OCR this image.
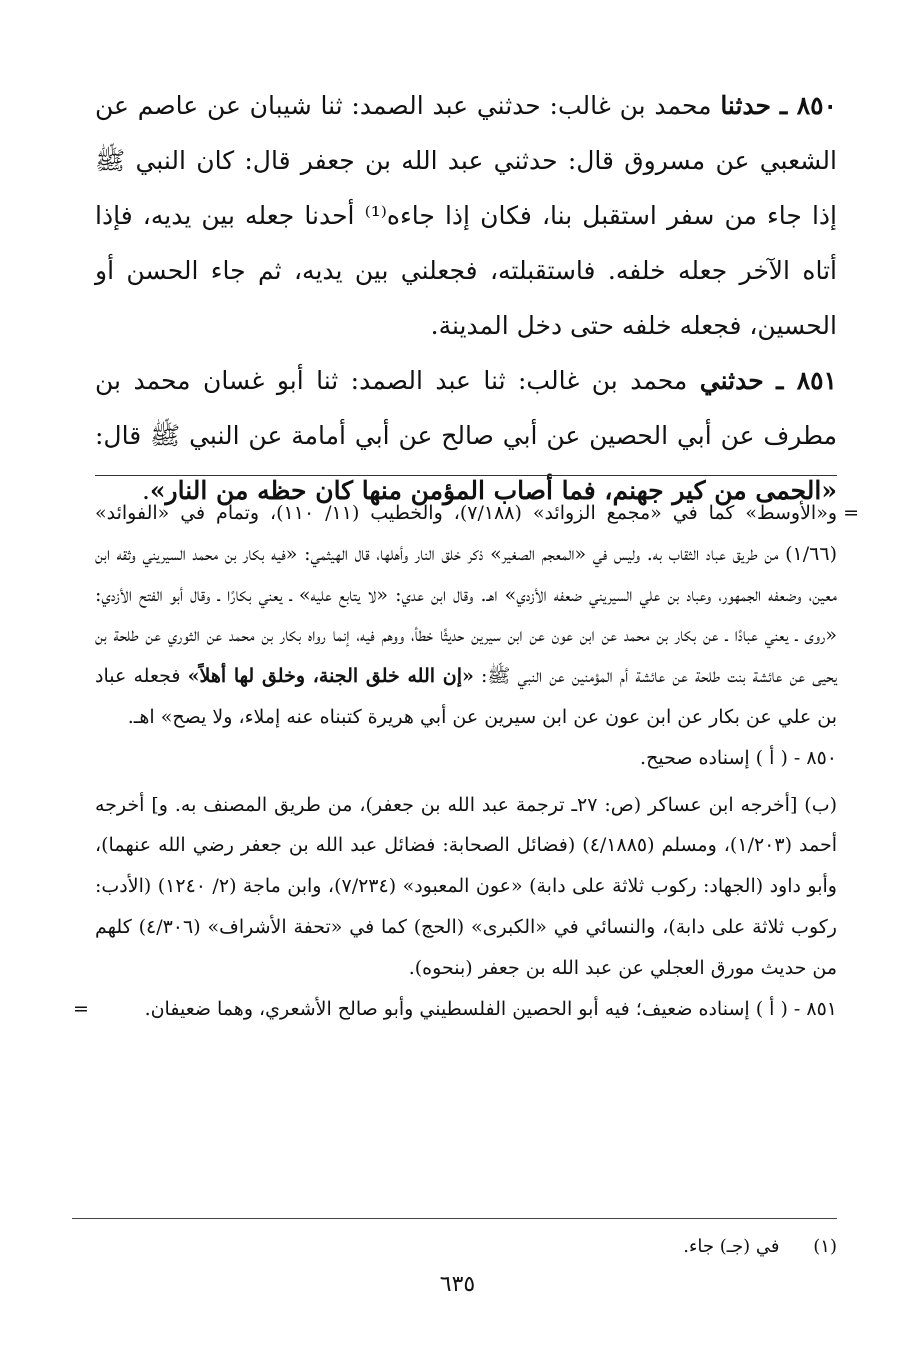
٨٥٠ ـ حدثنا محمد بن غالب: حدثني عبد الصمد: ثنا شيبان عن عاصم عن الشعبي عن مسروق قال: حدثني عبد الله بن جعفر قال: كان النبي ﷺ إذا جاء من سفر استقبل بنا، فكان إذا جاءه⁽¹⁾ أحدنا جعله بين يديه، فإذا أتاه الآخر جعله خلفه. فاستقبلته، فجعلني بين يديه، ثم جاء الحسن أو الحسين، فجعله خلفه حتى دخل المدينة.

٨٥١ ـ حدثني محمد بن غالب: ثنا عبد الصمد: ثنا أبو غسان محمد بن مطرف عن أبي الحصين عن أبي صالح عن أبي أمامة عن النبي ﷺ قال: «الحمى من كير جهنم، فما أصاب المؤمن منها كان حظه من النار».

=
و«الأوسط» كما في «مجمع الزوائد» (٧/١٨٨)، والخطيب (١١/ ١١٠)، وتمام في «الفوائد» (١/٦٦) من طريق عباد الثقاب به. وليس في «المعجم الصغير» ذكر خلق النار وأهلها، قال الهيثمي: «فيه بكار بن محمد السيريني وثقه ابن معين، وضعفه الجمهور، وعباد بن علي السيريني ضعفه الأزدي» اهـ. وقال ابن عدي: «لا يتابع عليه» ـ يعني بكارًا ـ وقال أبو الفتح الأزدي: «روى ـ يعني عبادًا ـ عن بكار بن محمد عن ابن عون عن ابن سيرين حديثًا خطأ، ووهم فيه، إنما رواه بكار بن محمد عن الثوري عن طلحة بن يحيى عن عائشة بنت طلحة عن عائشة أم المؤمنين عن النبي ﷺ: «إن الله خلق الجنة، وخلق لها أهلاً» فجعله عباد بن علي عن بكار عن ابن عون عن ابن سيرين عن أبي هريرة كتبناه عنه إملاء، ولا يصح» اهـ.

٨٥٠ - ( أ ) إسناده صحيح.

(ب) [أخرجه ابن عساكر (ص: ٢٧ـ ترجمة عبد الله بن جعفر)، من طريق المصنف به. و] أخرجه أحمد (١/٢٠٣)، ومسلم (٤/١٨٨٥) (فضائل الصحابة: فضائل عبد الله بن جعفر رضي الله عنهما)، وأبو داود (الجهاد: ركوب ثلاثة على دابة) «عون المعبود» (٧/٢٣٤)، وابن ماجة (٢/ ١٢٤٠) (الأدب: ركوب ثلاثة على دابة)، والنسائي في «الكبرى» (الحج) كما في «تحفة الأشراف» (٤/٣٠٦) كلهم من حديث مورق العجلي عن عبد الله بن جعفر (بنحوه).

٨٥١ - ( أ ) إسناده ضعيف؛ فيه أبو الحصين الفلسطيني وأبو صالح الأشعري، وهما ضعيفان.
=

(١) في (جـ) جاء.
٦٣٥
